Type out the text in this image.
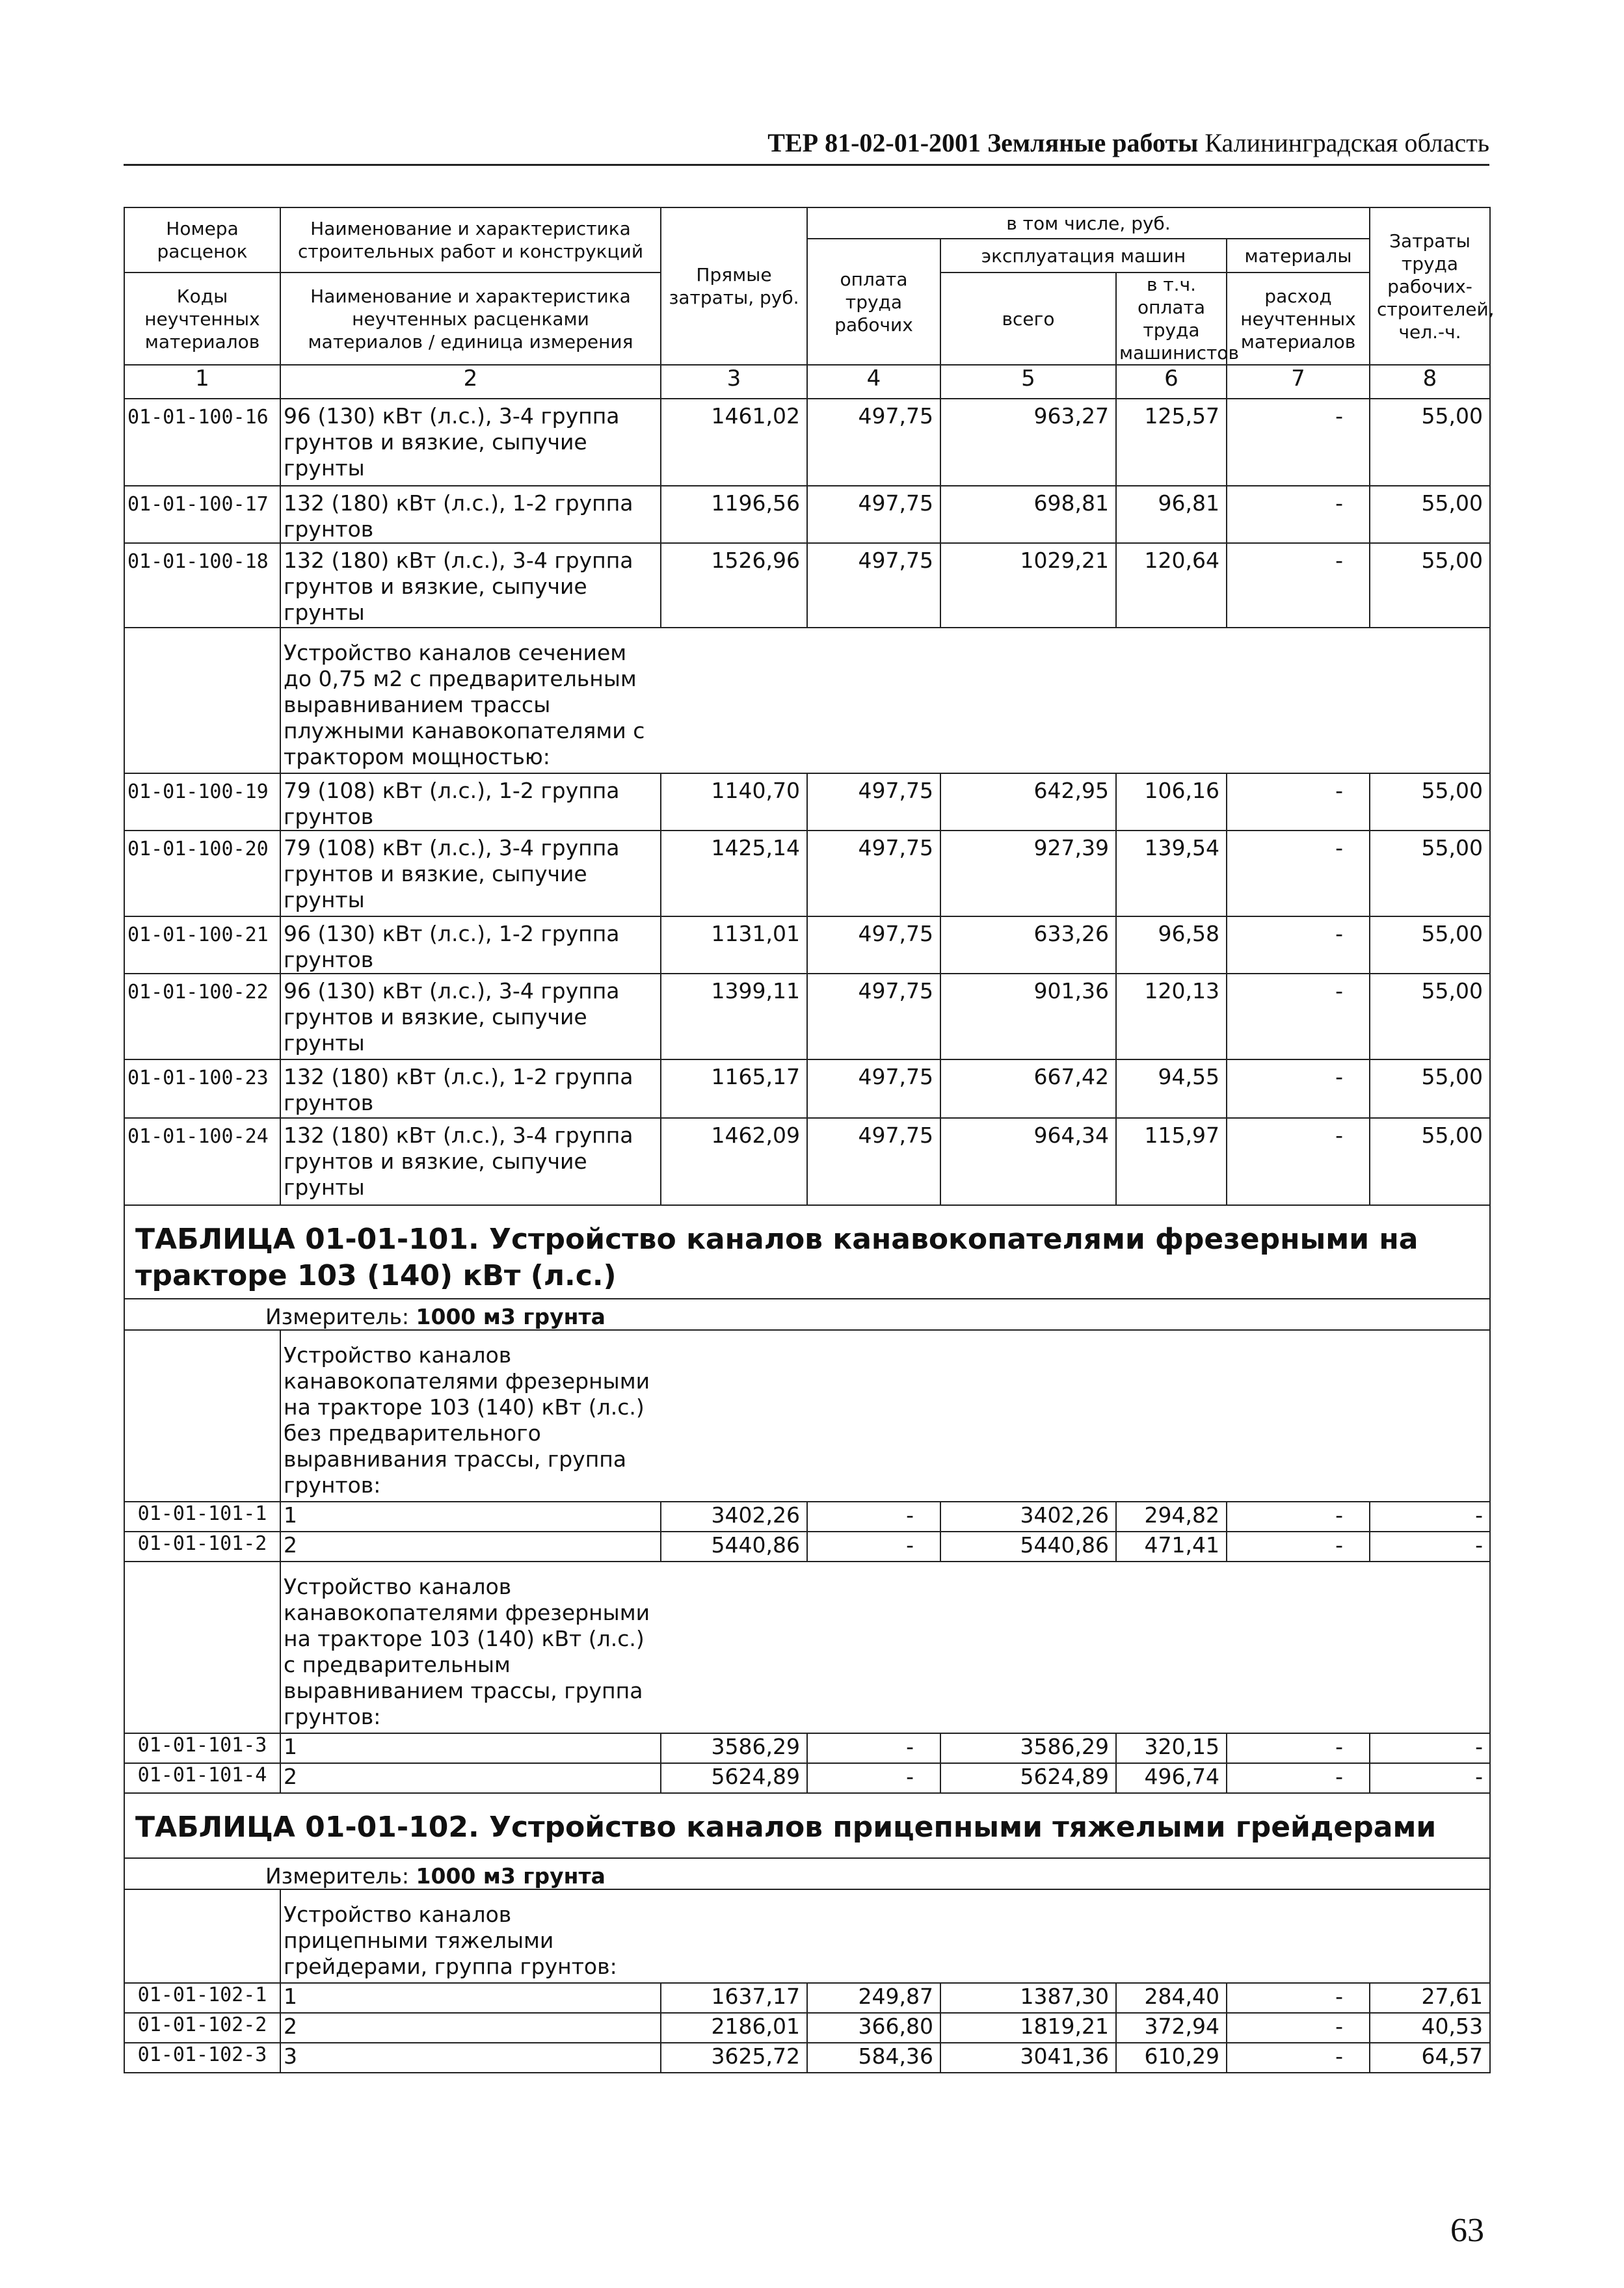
ТЕР 81-02-01-2001 Земляные работы Калининградская область
Номера расценок	Наименование и характеристика строительных работ и конструкций	Прямые затраты, руб.	в том числе, руб.				Затраты труда рабочих-строителей, чел.-ч.
			оплата труда рабочих	эксплуатация машин		материалы	
Коды неучтенных материалов	Наименование и характеристика неучтенных расценками материалов / единица измерения			всего	в т.ч. оплата труда машинистов	расход неучтенных материалов	

1	2	3	4	5	6	7	8
01-01-100-16	96 (130) кВт (л.с.), 3-4 группа грунтов и вязкие, сыпучие грунты	1461,02	497,75	963,27	125,57	-	55,00
01-01-100-17	132 (180) кВт (л.с.), 1-2 группа грунтов	1196,56	497,75	698,81	96,81	-	55,00
01-01-100-18	132 (180) кВт (л.с.), 3-4 группа грунтов и вязкие, сыпучие грунты	1526,96	497,75	1029,21	120,64	-	55,00

	Устройство каналов сечением до 0,75 м2 с предварительным выравниванием трассы плужными канавокопателями с трактором мощностью:						

01-01-100-19	79 (108) кВт (л.с.), 1-2 группа грунтов	1140,70	497,75	642,95	106,16	-	55,00
01-01-100-20	79 (108) кВт (л.с.), 3-4 группа грунтов и вязкие, сыпучие грунты	1425,14	497,75	927,39	139,54	-	55,00
01-01-100-21	96 (130) кВт (л.с.), 1-2 группа грунтов	1131,01	497,75	633,26	96,58	-	55,00
01-01-100-22	96 (130) кВт (л.с.), 3-4 группа грунтов и вязкие, сыпучие грунты	1399,11	497,75	901,36	120,13	-	55,00
01-01-100-23	132 (180) кВт (л.с.), 1-2 группа грунтов	1165,17	497,75	667,42	94,55	-	55,00
01-01-100-24	132 (180) кВт (л.с.), 3-4 группа грунтов и вязкие, сыпучие грунты	1462,09	497,75	964,34	115,97	-	55,00
ТАБЛИЦА 01-01-101. Устройство каналов канавокопателями фрезерными на тракторе 103 (140) кВт (л.с.)							
Измеритель: 1000 м3 грунта							

	Устройство каналов канавокопателями фрезерными на тракторе 103 (140) кВт (л.с.) без предварительного выравнивания трассы, группа грунтов:						

01-01-101-1	1	3402,26	-	3402,26	294,82	-	-
01-01-101-2	2	5440,86	-	5440,86	471,41	-	-

	Устройство каналов канавокопателями фрезерными на тракторе 103 (140) кВт (л.с.) с предварительным выравниванием трассы, группа грунтов:						

01-01-101-3	1	3586,29	-	3586,29	320,15	-	-
01-01-101-4	2	5624,89	-	5624,89	496,74	-	-
ТАБЛИЦА 01-01-102. Устройство каналов прицепными тяжелыми грейдерами							
Измеритель: 1000 м3 грунта							

	Устройство каналов прицепными тяжелыми грейдерами, группа грунтов:						

01-01-102-1	1	1637,17	249,87	1387,30	284,40	-	27,61
01-01-102-2	2	2186,01	366,80	1819,21	372,94	-	40,53
01-01-102-3	3	3625,72	584,36	3041,36	610,29	-	64,57
63
